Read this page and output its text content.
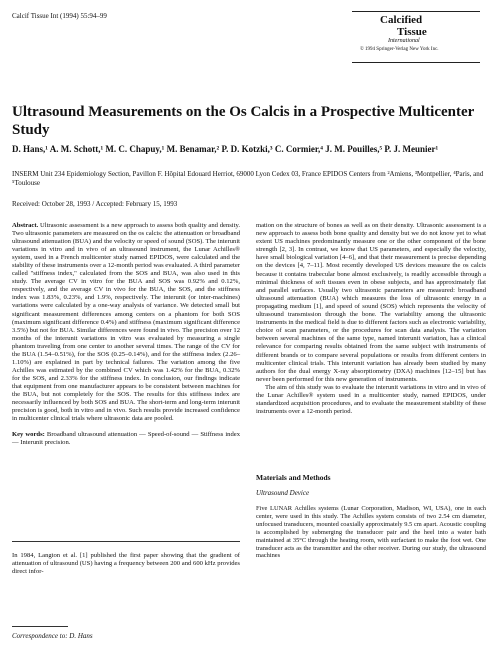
Calcif Tissue Int (1994) 55:94–99	Calcified
Tissue
International
© 1994 Springer-Verlag New York Inc.
Ultrasound Measurements on the Os Calcis in a Prospective Multicenter Study
D. Hans,¹ A. M. Schott,¹ M. C. Chapuy,¹ M. Benamar,² P. D. Kotzki,³ C. Cormier,⁴ J. M. Pouilles,⁵ P. J. Meunier¹
INSERM Unit 234 Epidemiology Section, Pavillon F. Hôpital Edouard Herriot, 69000 Lyon Cedex 03, France EPIDOS Centers from ²Amiens, ³Montpellier, ⁴Paris, and ⁵Toulouse
Received: October 28, 1993 / Accepted: February 15, 1993

Abstract. Ultrasonic assessment is a new approach to assess both quality and density. Two ultrasonic parameters are measured on the os calcis: the attenuation or broadband ultrasound attenuation (BUA) and the velocity or speed of sound (SOS). The interunit variations in vitro and in vivo of an ultrasound instrument, the Lunar Achilles® system, used in a French multicenter study named EPIDOS, were calculated and the stability of these instruments over a 12-month period was evaluated. A third parameter called "stiffness index," calculated from the SOS and BUA, was also used in this study. The average CV in vitro for the BUA and SOS was 0.92% and 0.12%, respectively, and the average CV in vivo for the BUA, the SOS, and the stiffness index was 1.83%, 0.23%, and 1.9%, respectively. The interunit (or inter-machines) variations were calculated by a one-way analysis of variance. We detected small but significant measurement differences among centers on a phantom for both SOS (maximum significant difference 0.4%) and stiffness (maximum significant difference 3.5%) but not for BUA. Similar differences were found in vivo. The precision over 12 months of the interunit variations in vitro was evaluated by measuring a single phantom traveling from one center to another several times. The range of the CV for the BUA (1.54–0.51%), for the SOS (0.25–0.14%), and for the stiffness index (2.26–1.10%) are explained in part by technical failures. The variation among the five Achilles was estimated by the combined CV which was 1.42% for the BUA, 0.32% for the SOS, and 2.33% for the stiffness index. In conclusion, our findings indicate that equipment from one manufacturer appears to be consistent between machines for the BUA, but not completely for the SOS. The results for this stiffness index are necessarily influenced by both SOS and BUA. The short-term and long-term interunit precision is good, both in vitro and in vivo. Such results provide increased confidence in multicenter clinical trials where ultrasonic data are pooled.

Key words: Broadband ultrasound attenuation — Speed-of-sound — Stiffness index — Interunit precision.

In 1984, Langton et al. [1] published the first paper showing that the gradient of attenuation of ultrasound (US) having a frequency between 200 and 600 kHz provides direct infor-
Correspondence to: D. Hans

mation on the structure of bones as well as on their density. Ultrasonic assessment is a new approach to assess both bone quality and density but we do not know yet to what extent US machines predominantly measure one or the other component of the bone strength [2, 3]. In contrast, we know that US parameters, and especially the velocity, have small biological variation [4–6], and that their measurement is precise depending on the devices [4, 7–11]. Most recently developed US devices measure the os calcis because it contains trabecular bone almost exclusively, is readily accessible through a minimal thickness of soft tissues even in obese subjects, and has approximately flat and parallel surfaces. Usually two ultrasonic parameters are measured: broadband ultrasound attenuation (BUA) which measures the loss of ultrasonic energy in a propagating medium [1], and speed of sound (SOS) which represents the velocity of ultrasound transmission through the bone. The variability among the ultrasonic instruments in the medical field is due to different factors such as electronic variability, choice of scan parameters, or the procedures for scan data analysis. The variation between several machines of the same type, named interunit variation, has a clinical relevance for comparing results obtained from the same subject with instruments of different brands or to compare several populations or results from different centers in multicenter clinical trials. This interunit variation has already been studied by many authors for the dual energy X-ray absorptiometry (DXA) machines [12–15] but has never been performed for this new generation of instruments.

The aim of this study was to evaluate the interunit variations in vitro and in vivo of the Lunar Achilles® system used in a multicenter study, named EPIDOS, under standardized acquisition procedures, and to evaluate the measurement stability of these instruments over a 12-month period.

Materials and Methods
Ultrasound Device
Five LUNAR Achilles systems (Lunar Corporation, Madison, WI, USA), one in each center, were used in this study. The Achilles system consists of two 2.54 cm diameter, unfocused transducers, mounted coaxially approximately 9.5 cm apart. Acoustic coupling is accomplished by submerging the transducer pair and the heel into a water bath maintained at 35°C through the heating room, with surfactant to make the foot wet. One transducer acts as the transmitter and the other receiver. During our study, the ultrasound machines
